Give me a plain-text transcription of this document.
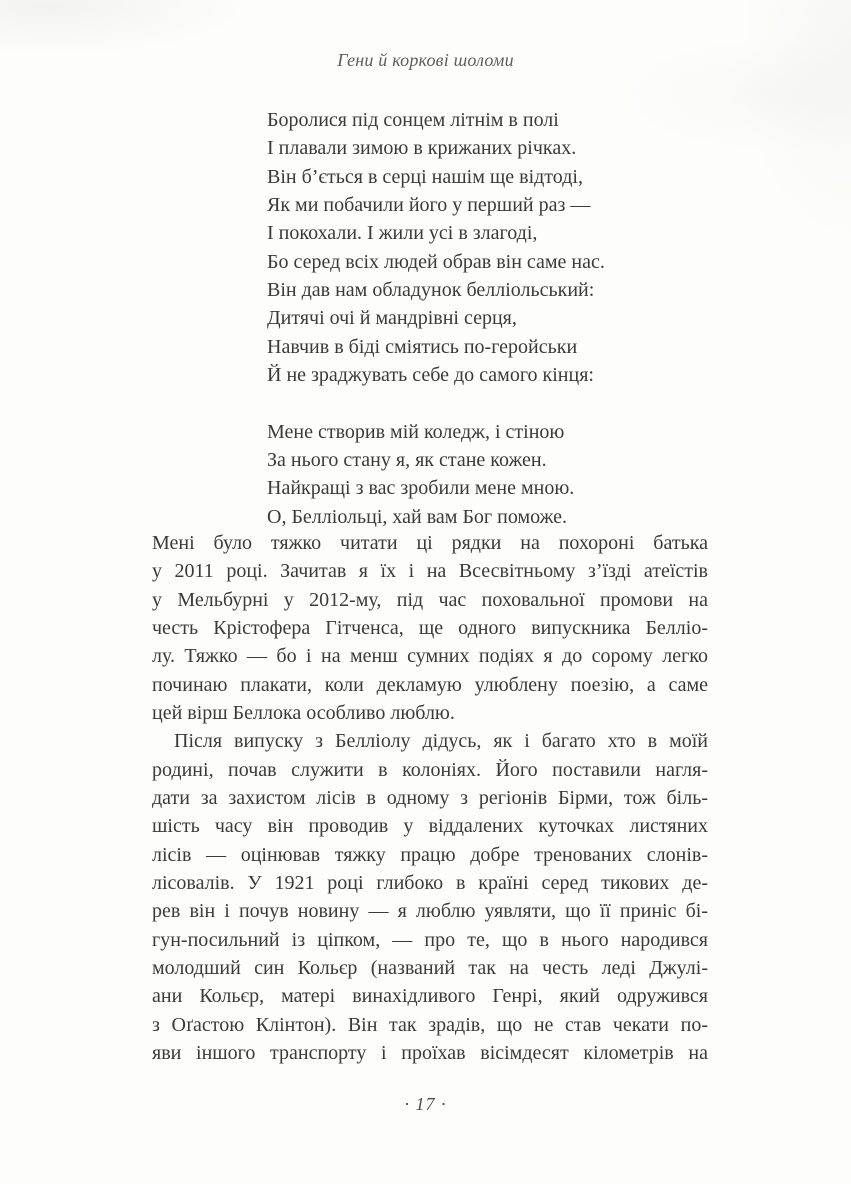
Гени й коркові шоломи
Боролися під сонцем літнім в полі
І плавали зимою в крижаних річках.
Він б’ється в серці нашім ще відтоді,
Як ми побачили його у перший раз —
І покохали. І жили усі в злагоді,
Бо серед всіх людей обрав він саме нас.
Він дав нам обладунок белліольський:
Дитячі очі й мандрівні серця,
Навчив в біді сміятись по-геройськи
Й не зраджувать себе до самого кінця:
Мене створив мій коледж, і стіною
За нього стану я, як стане кожен.
Найкращі з вас зробили мене мною.
О, Белліольці, хай вам Бог поможе.
Мені було тяжко читати ці рядки на похороні батька
у 2011 році. Зачитав я їх і на Всесвітньому з’їзді атеїстів
у Мельбурні у 2012-му, під час поховальної промови на
честь Крістофера Гітченса, ще одного випускника Белліо-
лу. Тяжко — бо і на менш сумних подіях я до сорому легко
починаю плакати, коли декламую улюблену поезію, а саме
цей вірш Беллока особливо люблю.
Після випуску з Белліолу дідусь, як і багато хто в моїй
родині, почав служити в колоніях. Його поставили нагля-
дати за захистом лісів в одному з регіонів Бірми, тож біль-
шість часу він проводив у віддалених куточках листяних
лісів — оцінював тяжку працю добре тренованих слонів-
лісовалів. У 1921 році глибоко в країні серед тикових де-
рев він і почув новину — я люблю уявляти, що її приніс бі-
гун-посильний із ціпком, — про те, що в нього народився
молодший син Кольєр (названий так на честь леді Джулі-
ани Кольєр, матері винахідливого Генрі, який одружився
з Оґастою Клінтон). Він так зрадів, що не став чекати по-
яви іншого транспорту і проїхав вісімдесят кілометрів на
· 17 ·
